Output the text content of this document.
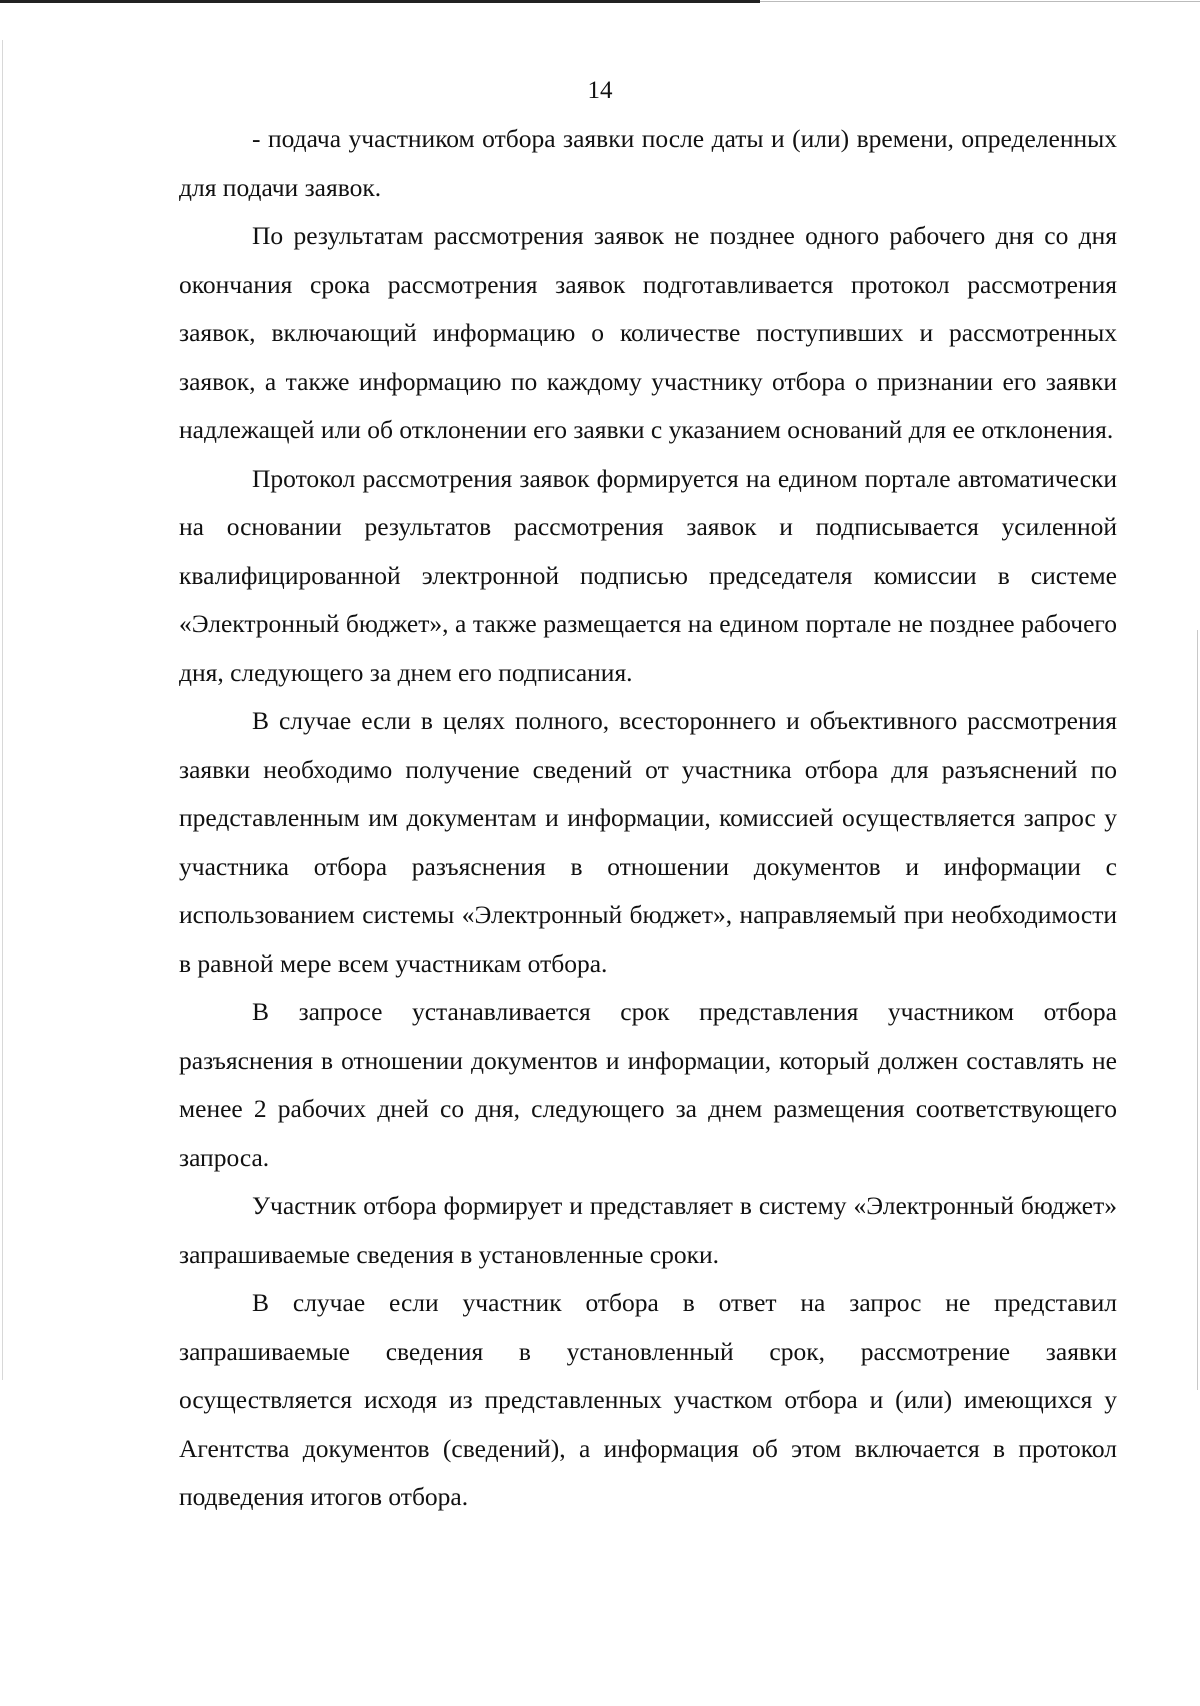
14

- подача участником отбора заявки после даты и (или) времени, определенных для подачи заявок.

По результатам рассмотрения заявок не позднее одного рабочего дня со дня окончания срока рассмотрения заявок подготавливается протокол рассмотрения заявок, включающий информацию о количестве поступивших и рассмотренных заявок, а также информацию по каждому участнику отбора о признании его заявки надлежащей или об отклонении его заявки с указанием оснований для ее отклонения.

Протокол рассмотрения заявок формируется на едином портале автоматически на основании результатов рассмотрения заявок и подписывается усиленной квалифицированной электронной подписью председателя комиссии в системе «Электронный бюджет», а также размещается на едином портале не позднее рабочего дня, следующего за днем его подписания.

В случае если в целях полного, всестороннего и объективного рассмотрения заявки необходимо получение сведений от участника отбора для разъяснений по представленным им документам и информации, комиссией осуществляется запрос у участника отбора разъяснения в отношении документов и информации с использованием системы «Электронный бюджет», направляемый при необходимости в равной мере всем участникам отбора.

В запросе устанавливается срок представления участником отбора разъяснения в отношении документов и информации, который должен составлять не менее 2 рабочих дней со дня, следующего за днем размещения соответствующего запроса.

Участник отбора формирует и представляет в систему «Электронный бюджет» запрашиваемые сведения в установленные сроки.

В случае если участник отбора в ответ на запрос не представил запрашиваемые сведения в установленный срок, рассмотрение заявки осуществляется исходя из представленных участком отбора и (или) имеющихся у Агентства документов (сведений), а информация об этом включается в протокол подведения итогов отбора.
